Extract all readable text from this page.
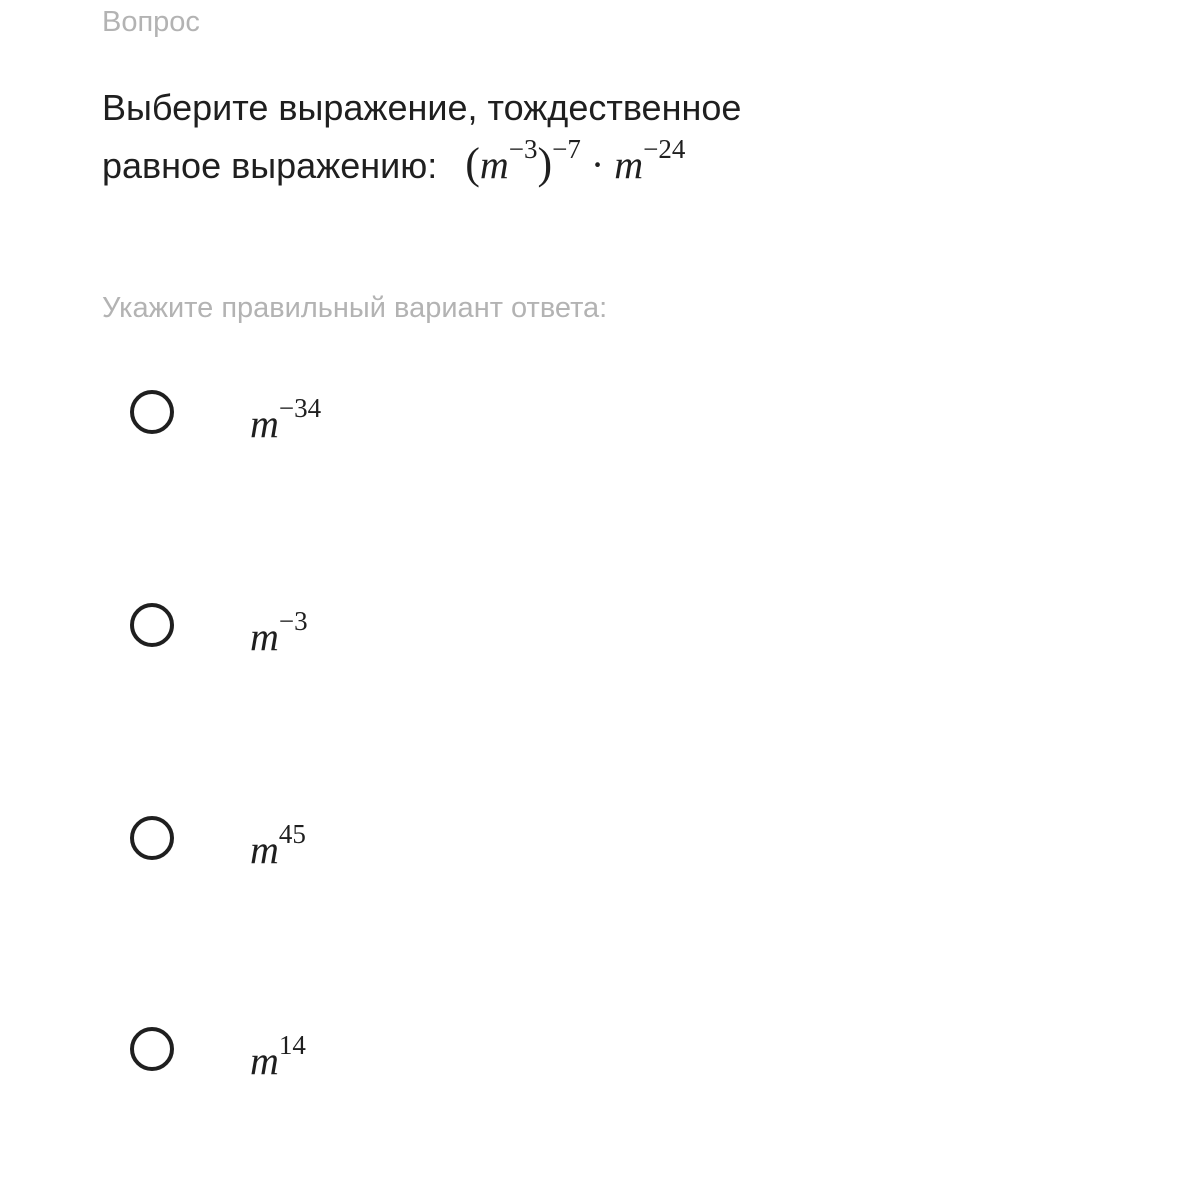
Вопрос
Выберите выражение, тождественное
равное выражению: $(m^{-3})^{-7} \cdot m^{-24}$
Укажите правильный вариант ответа:
$m^{-34}$
$m^{-3}$
$m^{45}$
$m^{14}$
